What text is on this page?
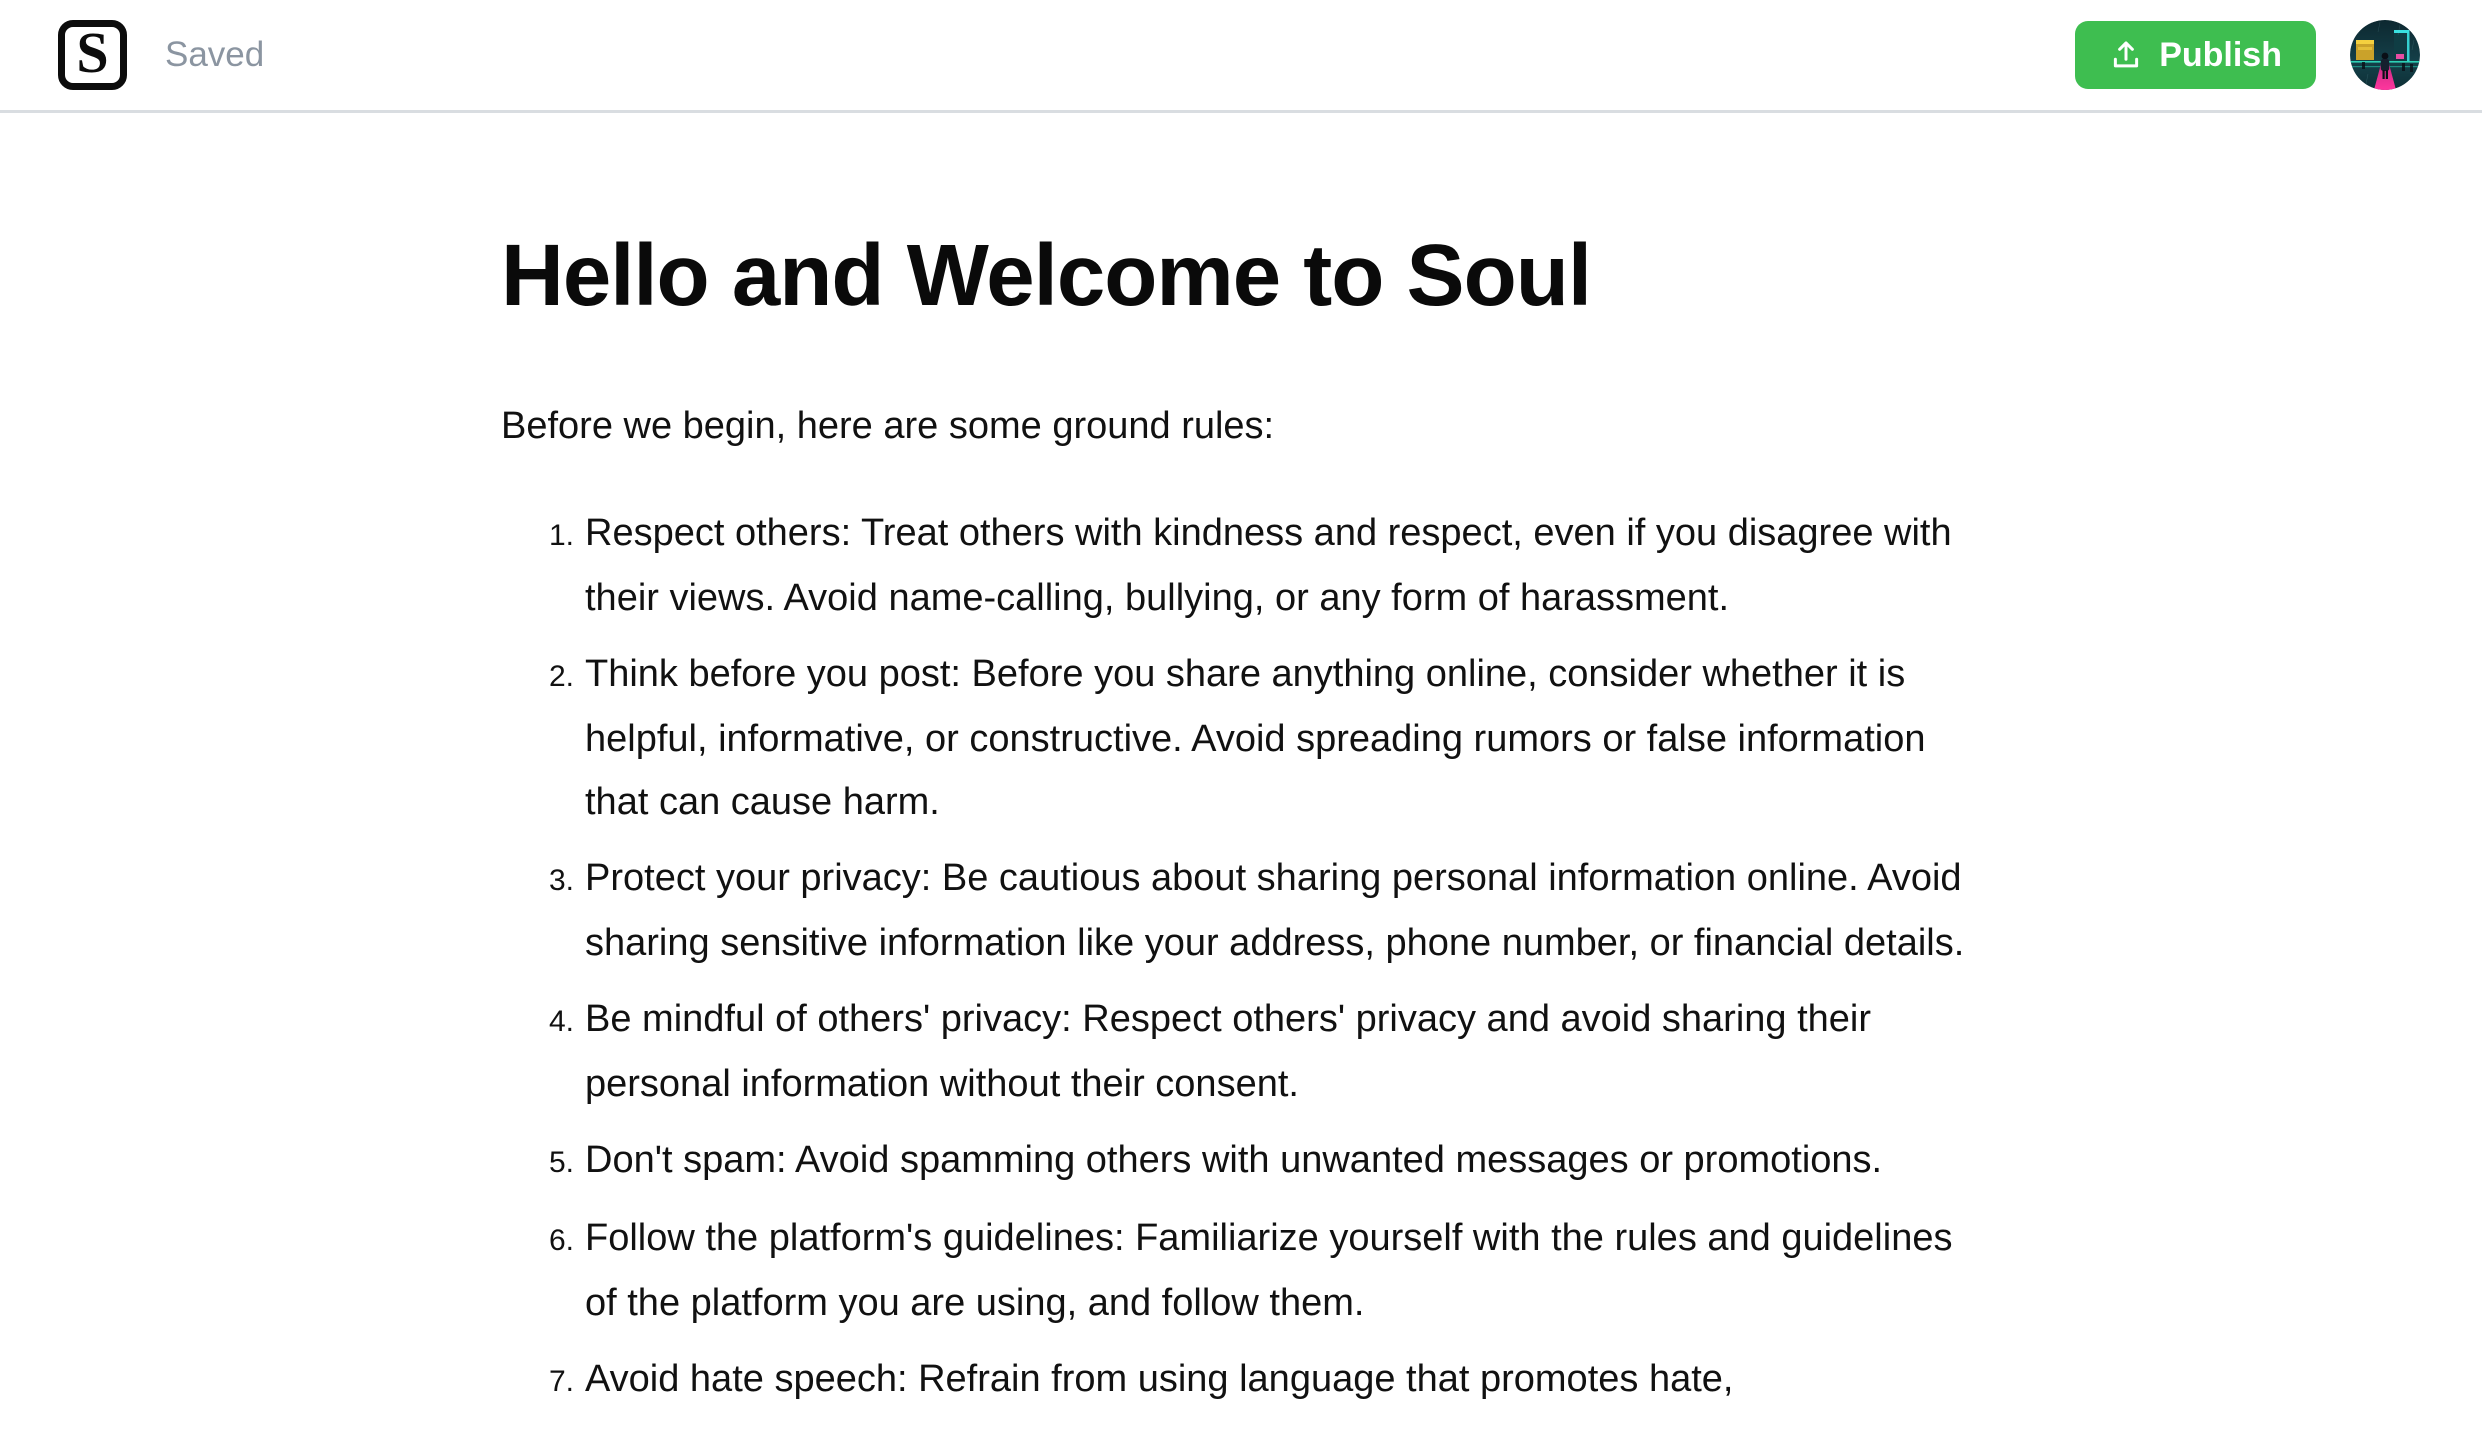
S Saved	Publish
Hello and Welcome to Soul

Before we begin, here are some ground rules:

1. Respect others: Treat others with kindness and respect, even if you disagree with their views. Avoid name-calling, bullying, or any form of harassment.
2. Think before you post: Before you share anything online, consider whether it is helpful, informative, or constructive. Avoid spreading rumors or false information that can cause harm.
3. Protect your privacy: Be cautious about sharing personal information online. Avoid sharing sensitive information like your address, phone number, or financial details.
4. Be mindful of others' privacy: Respect others' privacy and avoid sharing their personal information without their consent.
5. Don't spam: Avoid spamming others with unwanted messages or promotions.
6. Follow the platform's guidelines: Familiarize yourself with the rules and guidelines of the platform you are using, and follow them.
7. Avoid hate speech: Refrain from using language that promotes hate,
